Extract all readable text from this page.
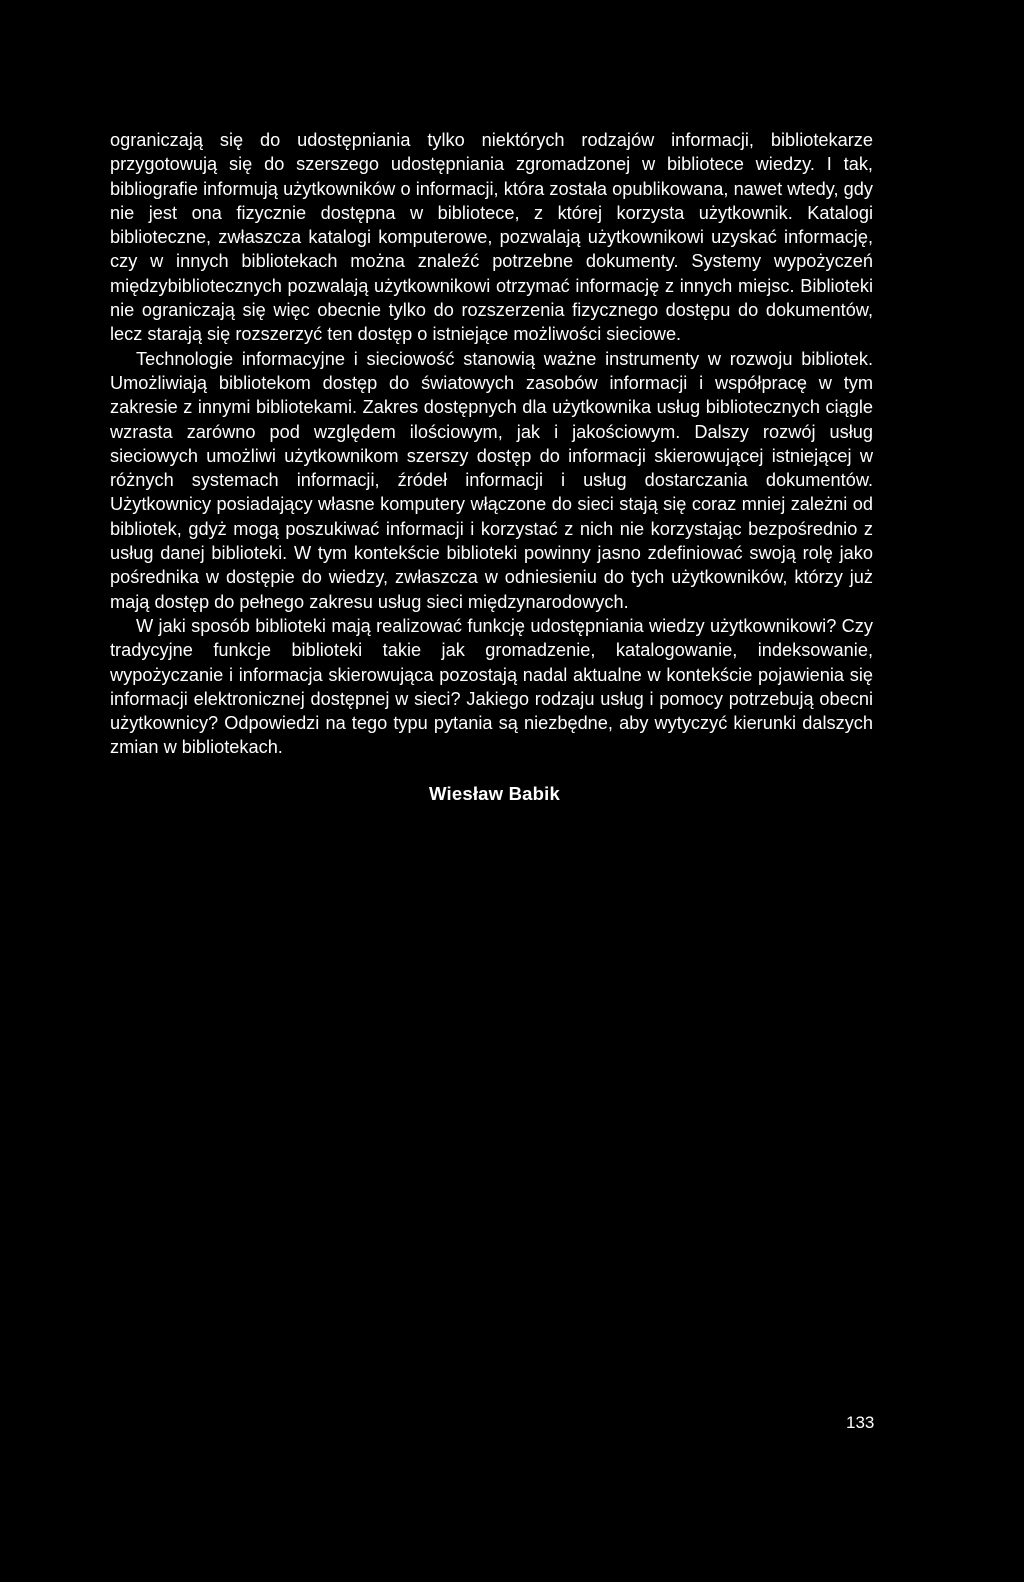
ograniczają się do udostępniania tylko niektórych rodzajów informacji, bibliotekarze przygotowują się do szerszego udostępniania zgromadzonej w bibliotece wiedzy. I tak, bibliografie informują użytkowników o informacji, która została opublikowana, nawet wtedy, gdy nie jest ona fizycznie dostępna w bibliotece, z której korzysta użytkownik. Katalogi biblioteczne, zwłaszcza katalogi komputerowe, pozwalają użytkownikowi uzyskać informację, czy w innych bibliotekach można znaleźć potrzebne dokumenty. Systemy wypożyczeń międzybibliotecznych pozwalają użytkownikowi otrzymać informację z innych miejsc. Biblioteki nie ograniczają się więc obecnie tylko do rozszerzenia fizycznego dostępu do dokumentów, lecz starają się rozszerzyć ten dostęp o istniejące możliwości sieciowe.

Technologie informacyjne i sieciowość stanowią ważne instrumenty w rozwoju bibliotek. Umożliwiają bibliotekom dostęp do światowych zasobów informacji i współpracę w tym zakresie z innymi bibliotekami. Zakres dostępnych dla użytkownika usług bibliotecznych ciągle wzrasta zarówno pod względem ilościowym, jak i jakościowym. Dalszy rozwój usług sieciowych umożliwi użytkownikom szerszy dostęp do informacji skierowującej istniejącej w różnych systemach informacji, źródeł informacji i usług dostarczania dokumentów. Użytkownicy posiadający własne komputery włączone do sieci stają się coraz mniej zależni od bibliotek, gdyż mogą poszukiwać informacji i korzystać z nich nie korzystając bezpośrednio z usług danej biblioteki. W tym kontekście biblioteki powinny jasno zdefiniować swoją rolę jako pośrednika w dostępie do wiedzy, zwłaszcza w odniesieniu do tych użytkowników, którzy już mają dostęp do pełnego zakresu usług sieci międzynarodowych.

W jaki sposób biblioteki mają realizować funkcję udostępniania wiedzy użytkownikowi? Czy tradycyjne funkcje biblioteki takie jak gromadzenie, katalogowanie, indeksowanie, wypożyczanie i informacja skierowująca pozostają nadal aktualne w kontekście pojawienia się informacji elektronicznej dostępnej w sieci? Jakiego rodzaju usług i pomocy potrzebują obecni użytkownicy? Odpowiedzi na tego typu pytania są niezbędne, aby wytyczyć kierunki dalszych zmian w bibliotekach.

Wiesław Babik

133
